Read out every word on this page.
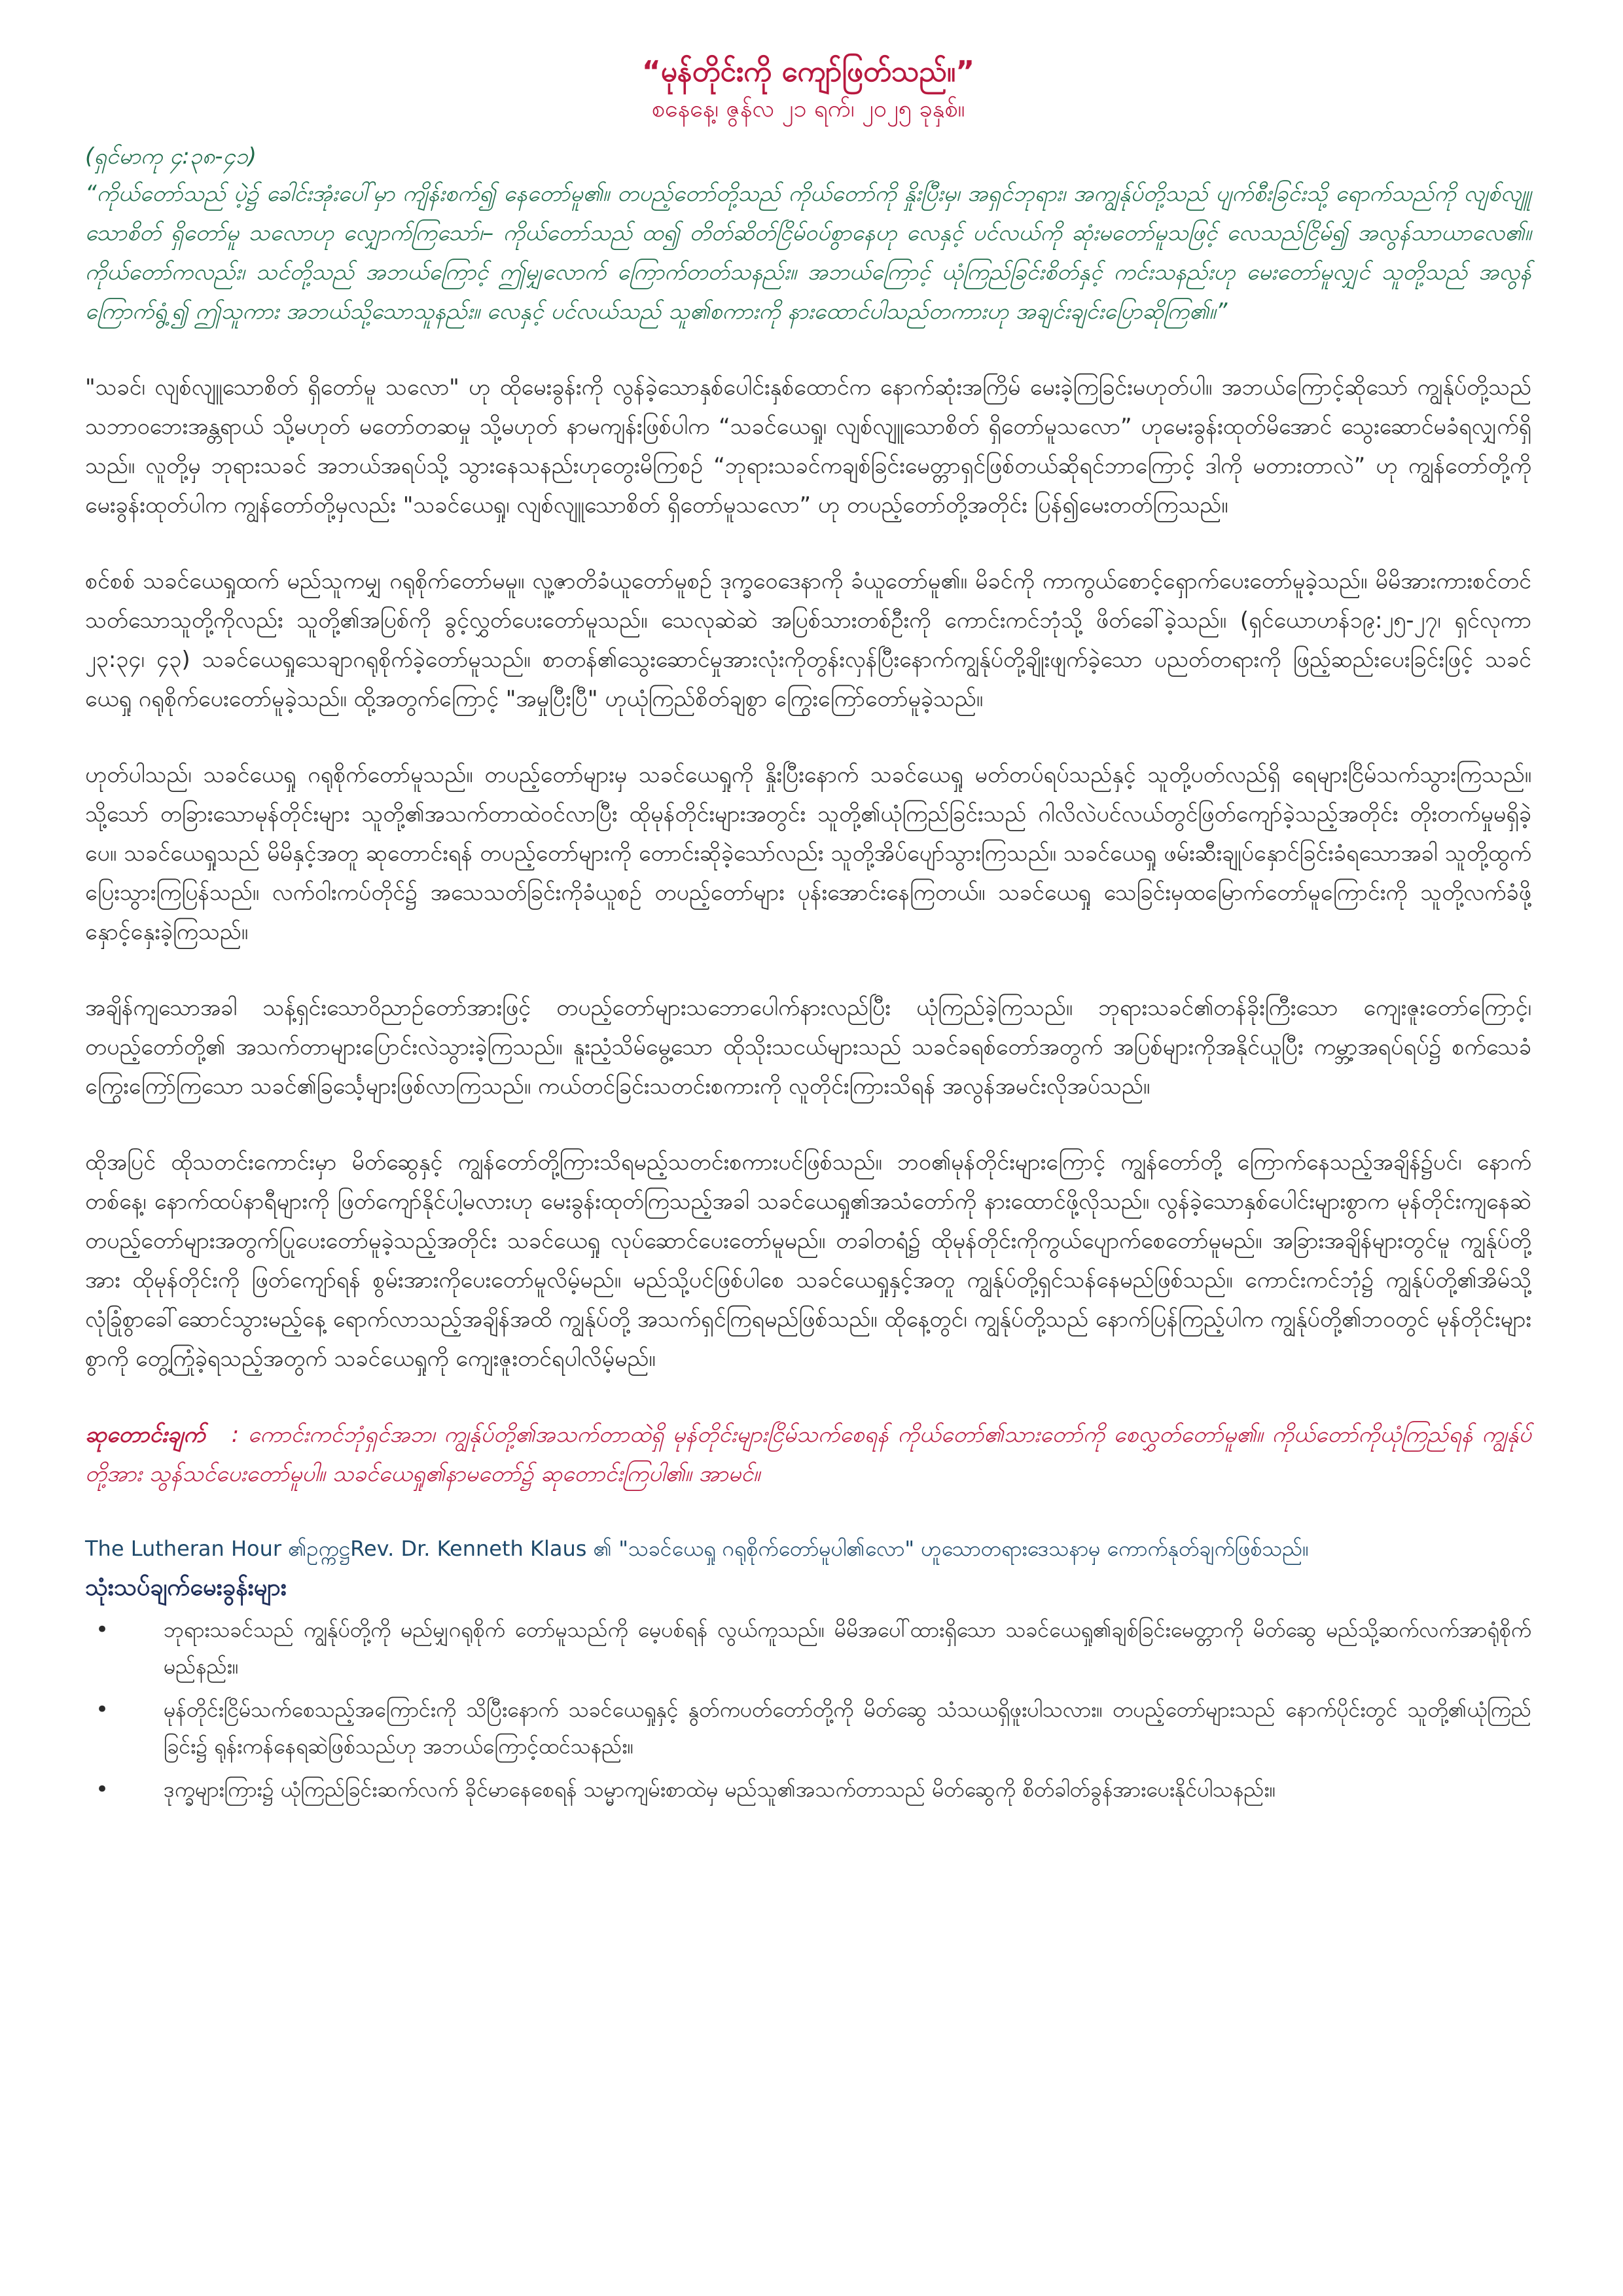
“မုန်တိုင်းကို ကျော်ဖြတ်သည်။”

စနေနေ့၊ ဇွန်လ ၂၁ ရက်၊ ၂၀၂၅ ခုနှစ်။

(ရှင်မာကု ၄:၃၈-၄၁)

“ကိုယ်တော်သည် ပဲ့၌ ခေါင်းအုံးပေါ်မှာ ကျိန်းစက်၍ နေတော်မူ၏။ တပည့်တော်တို့သည် ကိုယ်တော်ကို နှိုးပြီးမှ၊ အရှင်ဘုရား၊ အကျွန်ုပ်တို့သည် ပျက်စီးခြင်းသို့ ရောက်သည်ကို လျစ်လျူသောစိတ် ရှိတော်မူ သလောဟု လျှောက်ကြသော်၊– ကိုယ်တော်သည် ထ၍ တိတ်ဆိတ်ငြိမ်ဝပ်စွာနေဟု လေနှင့် ပင်လယ်ကို ဆုံးမတော်မူသဖြင့် လေသည်ငြိမ်၍ အလွန်သာယာလေ၏။ ကိုယ်တော်ကလည်း၊ သင်တို့သည် အဘယ်ကြောင့် ဤမျှလောက် ကြောက်တတ်သနည်း။ အဘယ်ကြောင့် ယုံကြည်ခြင်းစိတ်နှင့် ကင်းသနည်းဟု မေးတော်မူလျှင် သူတို့သည် အလွန်ကြောက်ရွံ့၍ ဤသူကား အဘယ်သို့သောသူနည်း။ လေနှင့် ပင်လယ်သည် သူ၏စကားကို နားထောင်ပါသည်တကားဟု အချင်းချင်းပြောဆိုကြ၏။”

"သခင်၊ လျစ်လျူသောစိတ် ရှိတော်မူ သလော" ဟု ထိုမေးခွန်းကို လွန်ခဲ့သောနှစ်ပေါင်းနှစ်ထောင်က နောက်ဆုံးအကြိမ် မေးခဲ့ကြခြင်းမဟုတ်ပါ။ အဘယ်ကြောင့်ဆိုသော် ကျွန်ုပ်တို့သည် သဘာဝဘေးအန္တရာယ် သို့မဟုတ် မတော်တဆမှု သို့မဟုတ် နာမကျန်းဖြစ်ပါက “သခင်ယေရှု၊ လျစ်လျူသောစိတ် ရှိတော်မူသလော” ဟုမေးခွန်းထုတ်မိအောင် သွေးဆောင်မခံရလျှက်ရှိသည်။ လူတို့မှ ဘုရားသခင် အဘယ်အရပ်သို့ သွားနေသနည်းဟုတွေးမိကြစဉ် “ဘုရားသခင်ကချစ်ခြင်းမေတ္တာရှင်ဖြစ်တယ်ဆိုရင်ဘာကြောင့် ဒါကို မတားတာလဲ” ဟု ကျွန်တော်တို့ကို မေးခွန်းထုတ်ပါက ကျွန်တော်တို့မှလည်း "သခင်ယေရှု၊ လျစ်လျူသောစိတ် ရှိတော်မူသလော” ဟု တပည့်တော်တို့အတိုင်း ပြန်၍မေးတတ်ကြသည်။

စင်စစ် သခင်ယေရှုထက် မည်သူကမျှ ဂရုစိုက်တော်မမူ။ လူ့ဇာတိခံယူတော်မူစဉ် ဒုက္ခဝေဒေနာကို ခံယူတော်မူ၏။ မိခင်ကို ကာကွယ်စောင့်ရှောက်ပေးတော်မူခဲ့သည်။ မိမိအားကားစင်တင်သတ်သောသူတို့ကိုလည်း သူတို့၏အပြစ်ကို ခွင့်လွှတ်ပေးတော်မူသည်။ သေလုဆဲဆဲ အပြစ်သားတစ်ဦးကို ကောင်းကင်ဘုံသို့ ဖိတ်ခေါ်ခဲ့သည်။ (ရှင်ယောဟန်၁၉:၂၅-၂၇၊ ရှင်လုကာ ၂၃:၃၄၊ ၄၃) သခင်ယေရှုသေချာဂရုစိုက်ခဲ့တော်မူသည်။ စာတန်၏သွေးဆောင်မှုအားလုံးကိုတွန်းလှန်ပြီးနောက်ကျွန်ုပ်တို့ချိုးဖျက်ခဲ့သော ပညတ်တရားကို ဖြည့်ဆည်းပေးခြင်းဖြင့် သခင်ယေရှု ဂရုစိုက်ပေးတော်မူခဲ့သည်။ ထို့အတွက်ကြောင့် "အမှုပြီးပြီ" ဟုယုံကြည်စိတ်ချစွာ ကြွေးကြော်တော်မူခဲ့သည်။

ဟုတ်ပါသည်၊ သခင်ယေရှု ဂရုစိုက်တော်မူသည်။ တပည့်တော်များမှ သခင်ယေရှုကို နှိုးပြီးနောက် သခင်ယေရှု မတ်တပ်ရပ်သည်နှင့် သူတို့ပတ်လည်ရှိ ရေများငြိမ်သက်သွားကြသည်။ သို့သော် တခြားသောမုန်တိုင်းများ သူတို့၏အသက်တာထဲဝင်လာပြီး ထိုမုန်တိုင်းများအတွင်း သူတို့၏ယုံကြည်ခြင်းသည် ဂါလိလဲပင်လယ်တွင်ဖြတ်ကျော်ခဲ့သည့်အတိုင်း တိုးတက်မှုမရှိခဲ့ပေ။ သခင်ယေရှုသည် မိမိနှင့်အတူ ဆုတောင်းရန် တပည့်တော်များကို တောင်းဆိုခဲ့သော်လည်း သူတို့အိပ်ပျော်သွားကြသည်။ သခင်ယေရှု ဖမ်းဆီးချုပ်နှောင်ခြင်းခံရသောအခါ သူတို့ထွက် ပြေးသွားကြပြန်သည်။ လက်ဝါးကပ်တိုင်၌ အသေသတ်ခြင်းကိုခံယူစဉ် တပည့်တော်များ ပုန်းအောင်းနေကြတယ်။ သခင်ယေရှု သေခြင်းမှထမြောက်တော်မူကြောင်းကို သူတို့လက်ခံဖို့ နှောင့်နှေးခဲ့ကြသည်။

အချိန်ကျသောအခါ သန့်ရှင်းသောဝိညာဉ်တော်အားဖြင့် တပည့်တော်များသဘောပေါက်နားလည်ပြီး ယုံကြည်ခဲ့ကြသည်။ ဘုရားသခင်၏တန်ခိုးကြီးသော ကျေးဇူးတော်ကြောင့်၊ တပည့်တော်တို့၏ အသက်တာများပြောင်းလဲသွားခဲ့ကြသည်။ နူးညံ့သိမ်မွေ့သော ထိုသိုးသငယ်များသည် သခင်ခရစ်တော်အတွက် အပြစ်များကိုအနိုင်ယူပြီး ကမ္ဘာ့အရပ်ရပ်၌ စက်သေခံကြွေးကြော်ကြသော သခင်၏ခြင်္သေ့များဖြစ်လာကြသည်။ ကယ်တင်ခြင်းသတင်းစကားကို လူတိုင်းကြားသိရန် အလွန်အမင်းလိုအပ်သည်။

ထိုအပြင် ထိုသတင်းကောင်းမှာ မိတ်ဆွေနှင့် ကျွန်တော်တို့ကြားသိရမည့်သတင်းစကားပင်ဖြစ်သည်။ ဘဝ၏မုန်တိုင်းများကြောင့် ကျွန်တော်တို့ ကြောက်နေသည့်အချိန်၌ပင်၊ နောက်တစ်နေ့၊ နောက်ထပ်နာရီများကို ဖြတ်ကျော်နိုင်ပါ့မလားဟု မေးခွန်းထုတ်ကြသည့်အခါ သခင်ယေရှု၏အသံတော်ကို နားထောင်ဖို့လိုသည်။ လွန်ခဲ့သောနှစ်ပေါင်းများစွာက မုန်တိုင်းကျနေဆဲ တပည့်တော်များအတွက်ပြုပေးတော်မူခဲ့သည့်အတိုင်း သခင်ယေရှု လုပ်ဆောင်ပေးတော်မူမည်။ တခါတရံ၌ ထိုမုန်တိုင်းကိုကွယ်ပျောက်စေတော်မူမည်။ အခြားအချိန်များတွင်မူ ကျွန်ုပ်တို့အား ထိုမုန်တိုင်းကို ဖြတ်ကျော်ရန် စွမ်းအားကိုပေးတော်မူလိမ့်မည်။ မည်သို့ပင်ဖြစ်ပါစေ သခင်ယေရှုနှင့်အတူ ကျွန်ုပ်တို့ရှင်သန်နေမည်ဖြစ်သည်။ ကောင်းကင်ဘုံ၌ ကျွန်ုပ်တို့၏အိမ်သို့ လုံခြုံစွာခေါ်ဆောင်သွားမည့်နေ့ ရောက်လာသည့်အချိန်အထိ ကျွန်ုပ်တို့ အသက်ရှင်ကြရမည်ဖြစ်သည်။ ထိုနေ့တွင်၊ ကျွန်ုပ်တို့သည် နောက်ပြန်ကြည့်ပါက ကျွန်ုပ်တို့၏ဘဝတွင် မုန်တိုင်းများစွာကို တွေ့ကြုံခဲ့ရသည့်အတွက် သခင်ယေရှုကို ကျေးဇူးတင်ရပါလိမ့်မည်။

ဆုတောင်းချက် : ကောင်းကင်ဘုံရှင်အဘ၊ ကျွန်ုပ်တို့၏အသက်တာထဲရှိ မုန်တိုင်းများငြိမ်သက်စေရန် ကိုယ်တော်၏သားတော်ကို စေလွှတ်တော်မူ၏။ ကိုယ်တော်ကိုယုံကြည်ရန် ကျွန်ုပ်တို့အား သွန်သင်ပေးတော်မူပါ။ သခင်ယေရှု၏နာမတော်၌ ဆုတောင်းကြပါ၏။ အာမင်။

The Lutheran Hour ၏ဥက္ကဋ္ဌRev. Dr. Kenneth Klaus ၏ "သခင်ယေရှု ဂရုစိုက်တော်မူပါ၏လော" ဟူသောတရားဒေသနာမှ ကောက်နုတ်ချက်ဖြစ်သည်။

သုံးသပ်ချက်မေးခွန်းများ

•	ဘုရားသခင်သည် ကျွန်ုပ်တို့ကို မည်မျှဂရုစိုက် တော်မူသည်ကို မေ့ပစ်ရန် လွယ်ကူသည်။ မိမိအပေါ်ထားရှိသော သခင်ယေရှု၏ချစ်ခြင်းမေတ္တာကို မိတ်ဆွေ မည်သို့ဆက်လက်အာရုံစိုက်မည်နည်း။
•	မုန်တိုင်းငြိမ်သက်စေသည့်အကြောင်းကို သိပြီးနောက် သခင်ယေရှုနှင့် နွတ်ကပတ်တော်တို့ကို မိတ်ဆွေ သံသယရှိဖူးပါသလား။ တပည့်တော်များသည် နောက်ပိုင်းတွင် သူတို့၏ယုံကြည်ခြင်း၌ ရုန်းကန်နေရဆဲဖြစ်သည်ဟု အဘယ်ကြောင့်ထင်သနည်း။
•	ဒုက္ခများကြား၌ ယုံကြည်ခြင်းဆက်လက် ခိုင်မာနေစေရန် သမ္မာကျမ်းစာထဲမှ မည်သူ၏အသက်တာသည် မိတ်ဆွေကို စိတ်ခါတ်ခွန်အားပေးနိုင်ပါသနည်း။
